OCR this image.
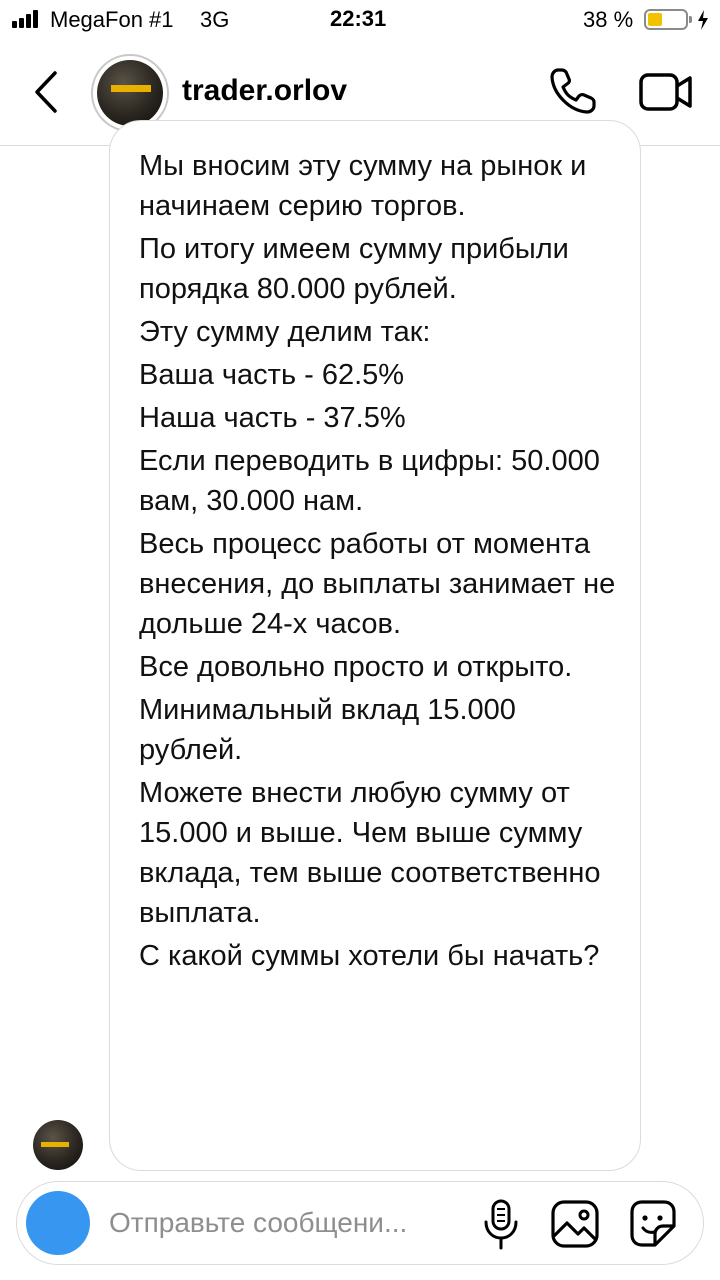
MegaFon #1 3G	22:31	38 %
trader.orlov

Мы вносим эту сумму на рынок и начинаем серию торгов.

По итогу имеем сумму прибыли порядка 80.000 рублей.

Эту сумму делим так:

Ваша часть - 62.5%

Наша часть - 37.5%

Если переводить в цифры: 50.000 вам, 30.000 нам.

Весь процесс работы от момента внесения, до выплаты занимает не дольше 24-х часов.

Все довольно просто и открыто.

Минимальный вклад 15.000 рублей.

Можете внести любую сумму от 15.000 и выше. Чем выше сумму вклада, тем выше соответственно выплата.

С какой суммы хотели бы начать?

Отправьте сообщени...
